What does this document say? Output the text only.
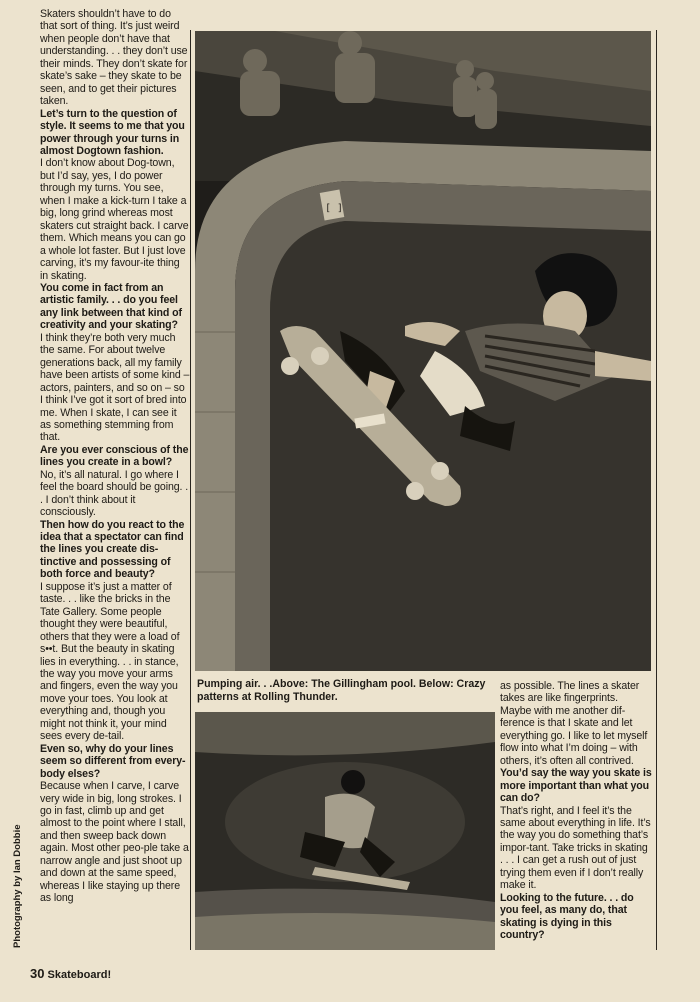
Skaters shouldn’t have to do that sort of thing. It’s just weird when people don’t have that understanding. . . they don’t use their minds. They don’t skate for skate’s sake – they skate to be seen, and to get their pictures taken.

Let’s turn to the question of style. It seems to me that you power through your turns in almost Dogtown fashion.

I don’t know about Dog-town, but I’d say, yes, I do power through my turns. You see, when I make a kick-turn I take a big, long grind whereas most skaters cut straight back. I carve them. Which means you can go a whole lot faster. But I just love carving, it’s my favour-ite thing in skating.

You come in fact from an artistic family. . . do you feel any link between that kind of creativity and your skating?

I think they’re both very much the same. For about twelve generations back, all my family have been artists of some kind – actors, painters, and so on – so I think I’ve got it sort of bred into me. When I skate, I can see it as something stemming from that.

Are you ever conscious of the lines you create in a bowl?

No, it’s all natural. I go where I feel the board should be going. . . I don’t think about it consciously.

Then how do you react to the idea that a spectator can find the lines you create dis-tinctive and possessing of both force and beauty?

I suppose it’s just a matter of taste. . . like the bricks in the Tate Gallery. Some people thought they were beautiful, others that they were a load of s••t. But the beauty in skating lies in everything. . . in stance, the way you move your arms and fingers, even the way you move your toes. You look at everything and, though you might not think it, your mind sees every de-tail.

Even so, why do your lines seem so different from every-body elses?

Because when I carve, I carve very wide in big, long strokes. I go in fast, climb up and get almost to the point where I stall, and then sweep back down again. Most other peo-ple take a narrow angle and just shoot up and down at the same speed, whereas I like staying up there as long

[ ]
Pumping air. . .Above: The Gillingham pool. Below: Crazy patterns at Rolling Thunder.

as possible. The lines a skater takes are like fingerprints. Maybe with me another dif-ference is that I skate and let everything go. I like to let myself flow into what I’m doing – with others, it’s often all contrived.

You’d say the way you skate is more important than what you can do?

That’s right, and I feel it’s the same about everything in life. It’s the way you do something that’s impor-tant. Take tricks in skating . . . I can get a rush out of just trying them even if I don’t really make it.

Looking to the future. . . do you feel, as many do, that skating is dying in this country?

Photography by Ian Dobbie
30 Skateboard!
